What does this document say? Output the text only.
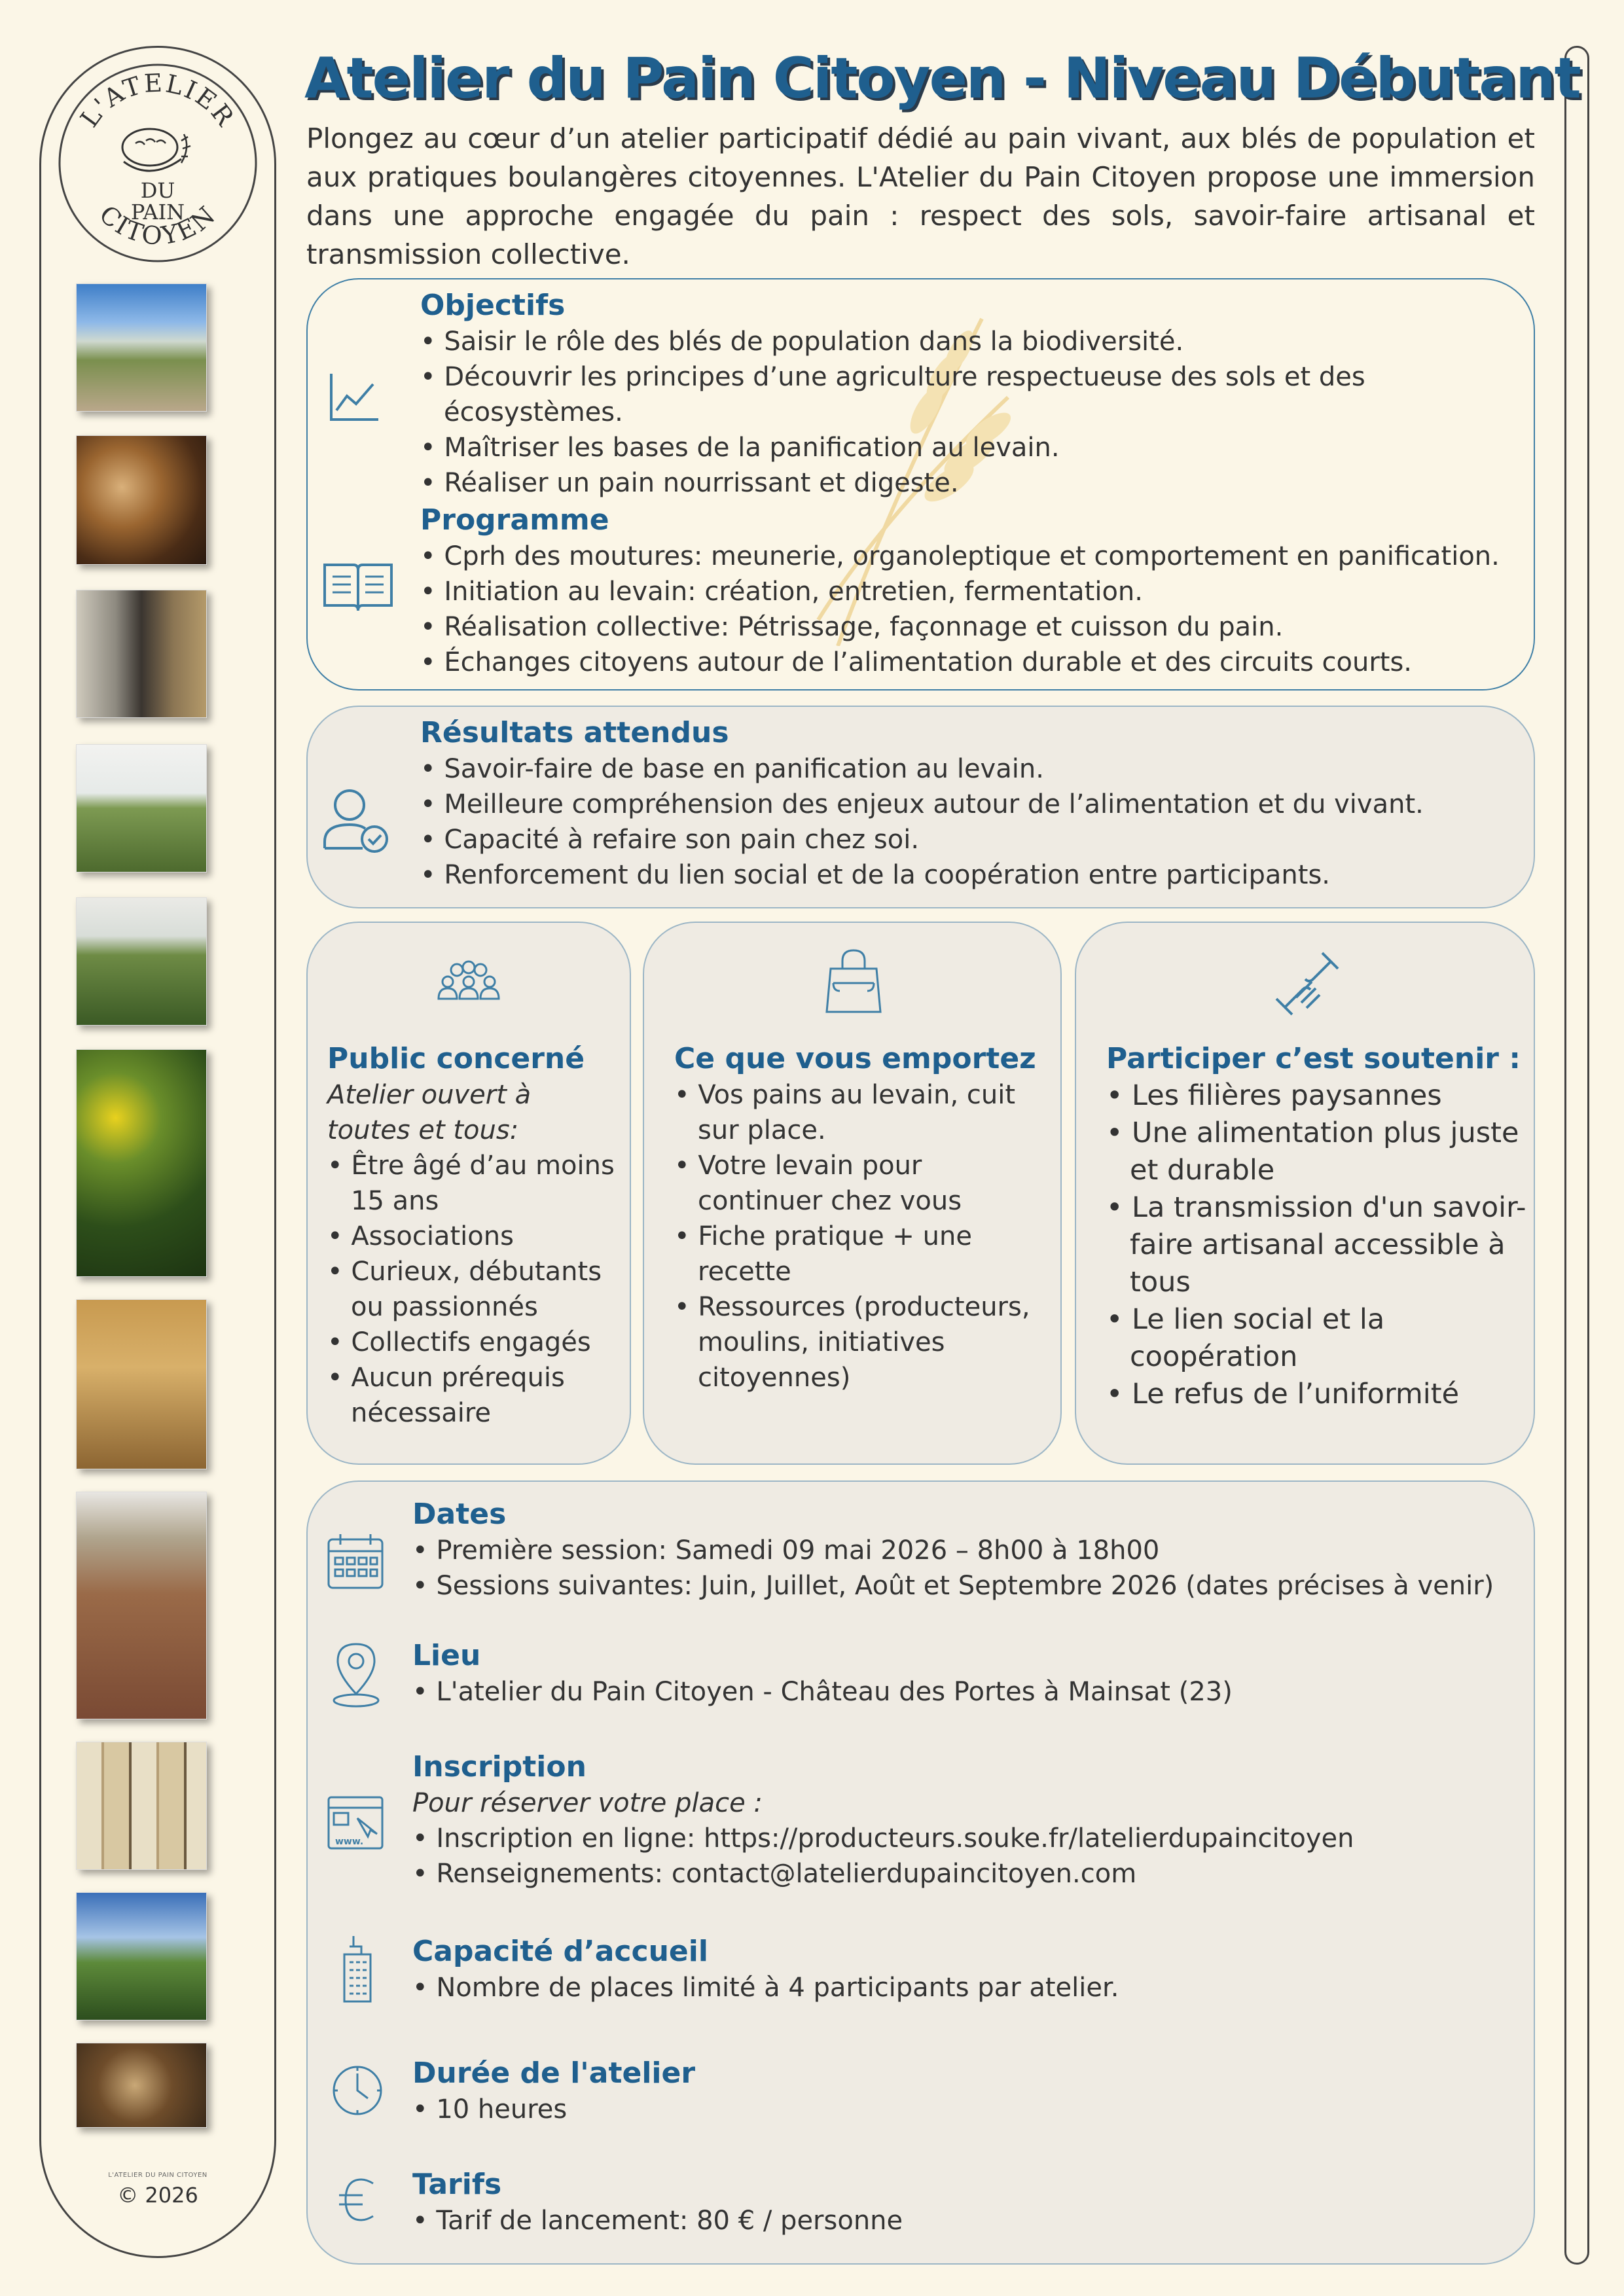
L'ATELIER
CITOYEN
DU
PAIN
L'ATELIER DU PAIN CITOYEN
© 2026
Atelier du Pain Citoyen - Niveau Débutant
Plongez au cœur d’un atelier participatif dédié au pain vivant, aux blés de population et aux pratiques boulangères citoyennes. L'Atelier du Pain Citoyen propose une immersion dans une approche engagée du pain : respect des sols, savoir-faire artisanal et transmission collective.
Objectifs
• Saisir le rôle des blés de population dans la biodiversité.
• Découvrir les principes d’une agriculture respectueuse des sols et des écosystèmes.
• Maîtriser les bases de la panification au levain.
• Réaliser un pain nourrissant et digeste.
Programme
• Cprh des moutures: meunerie, organoleptique et comportement en panification.
• Initiation au levain: création, entretien, fermentation.
• Réalisation collective: Pétrissage, façonnage et cuisson du pain.
• Échanges citoyens autour de l’alimentation durable et des circuits courts.
Résultats attendus
• Savoir-faire de base en panification au levain.
• Meilleure compréhension des enjeux autour de l’alimentation et du vivant.
• Capacité à refaire son pain chez soi.
• Renforcement du lien social et de la coopération entre participants.
Public concerné
Atelier ouvert à toutes et tous:
• Être âgé d’au moins 15 ans
• Associations
• Curieux, débutants ou passionnés
• Collectifs engagés
• Aucun prérequis nécessaire
Ce que vous emportez
• Vos pains au levain, cuit sur place.
• Votre levain pour continuer chez vous
• Fiche pratique + une recette
• Ressources (producteurs, moulins, initiatives citoyennes)
Participer c’est soutenir :
• Les filières paysannes
• Une alimentation plus juste et durable
• La transmission d'un savoir-faire artisanal accessible à tous
• Le lien social et la coopération
• Le refus de l’uniformité
Dates
• Première session: Samedi 09 mai 2026 – 8h00 à 18h00
• Sessions suivantes: Juin, Juillet, Août et Septembre 2026 (dates précises à venir)
Lieu
• L'atelier du Pain Citoyen - Château des Portes à Mainsat (23)
www.
Inscription
Pour réserver votre place :
• Inscription en ligne: https://producteurs.souke.fr/latelierdupaincitoyen
• Renseignements: contact@latelierdupaincitoyen.com
Capacité d’accueil
• Nombre de places limité à 4 participants par atelier.
Durée de l'atelier
• 10 heures
Tarifs
• Tarif de lancement: 80 € / personne
